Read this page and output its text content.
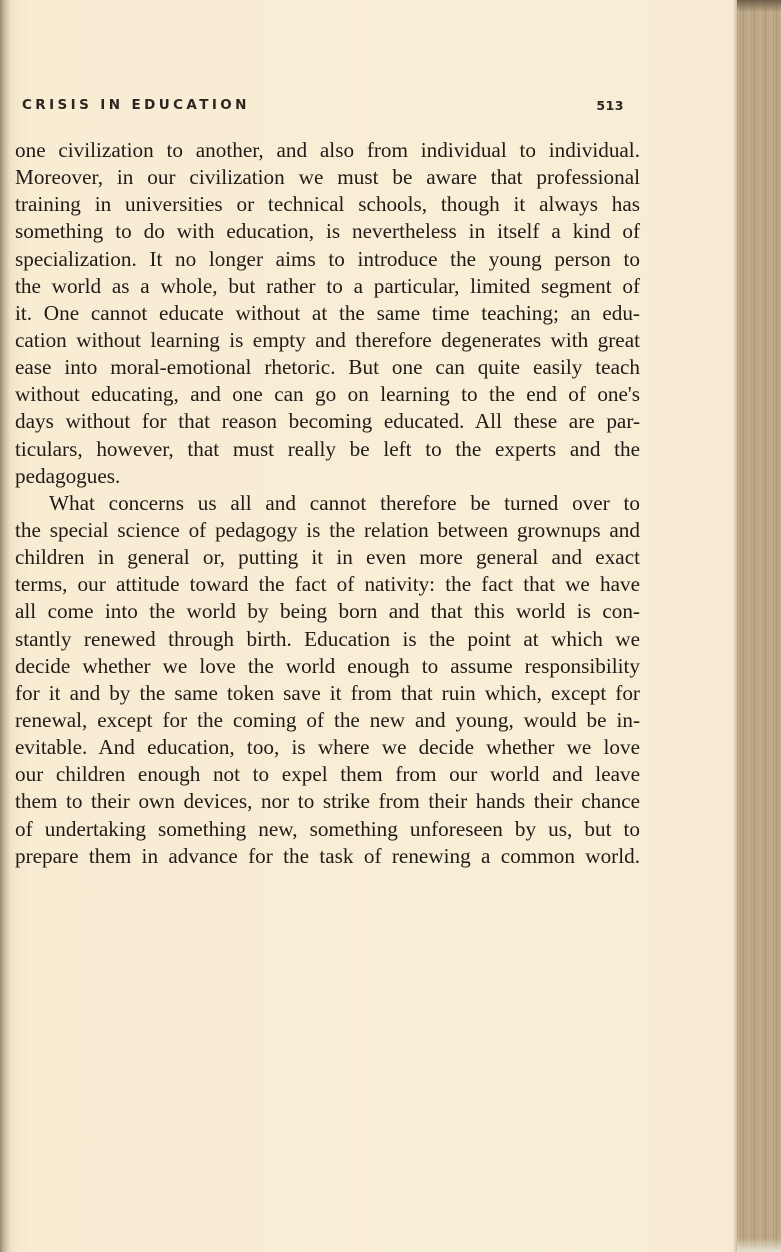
CRISIS IN EDUCATION	513
one civilization to another, and also from individual to individual.
Moreover, in our civilization we must be aware that professional
training in universities or technical schools, though it always has
something to do with education, is nevertheless in itself a kind of
specialization. It no longer aims to introduce the young person to
the world as a whole, but rather to a particular, limited segment of
it. One cannot educate without at the same time teaching; an edu-
cation without learning is empty and therefore degenerates with great
ease into moral-emotional rhetoric. But one can quite easily teach
without educating, and one can go on learning to the end of one's
days without for that reason becoming educated. All these are par-
ticulars, however, that must really be left to the experts and the
pedagogues.
What concerns us all and cannot therefore be turned over to
the special science of pedagogy is the relation between grownups and
children in general or, putting it in even more general and exact
terms, our attitude toward the fact of nativity: the fact that we have
all come into the world by being born and that this world is con-
stantly renewed through birth. Education is the point at which we
decide whether we love the world enough to assume responsibility
for it and by the same token save it from that ruin which, except for
renewal, except for the coming of the new and young, would be in-
evitable. And education, too, is where we decide whether we love
our children enough not to expel them from our world and leave
them to their own devices, nor to strike from their hands their chance
of undertaking something new, something unforeseen by us, but to
prepare them in advance for the task of renewing a common world.
